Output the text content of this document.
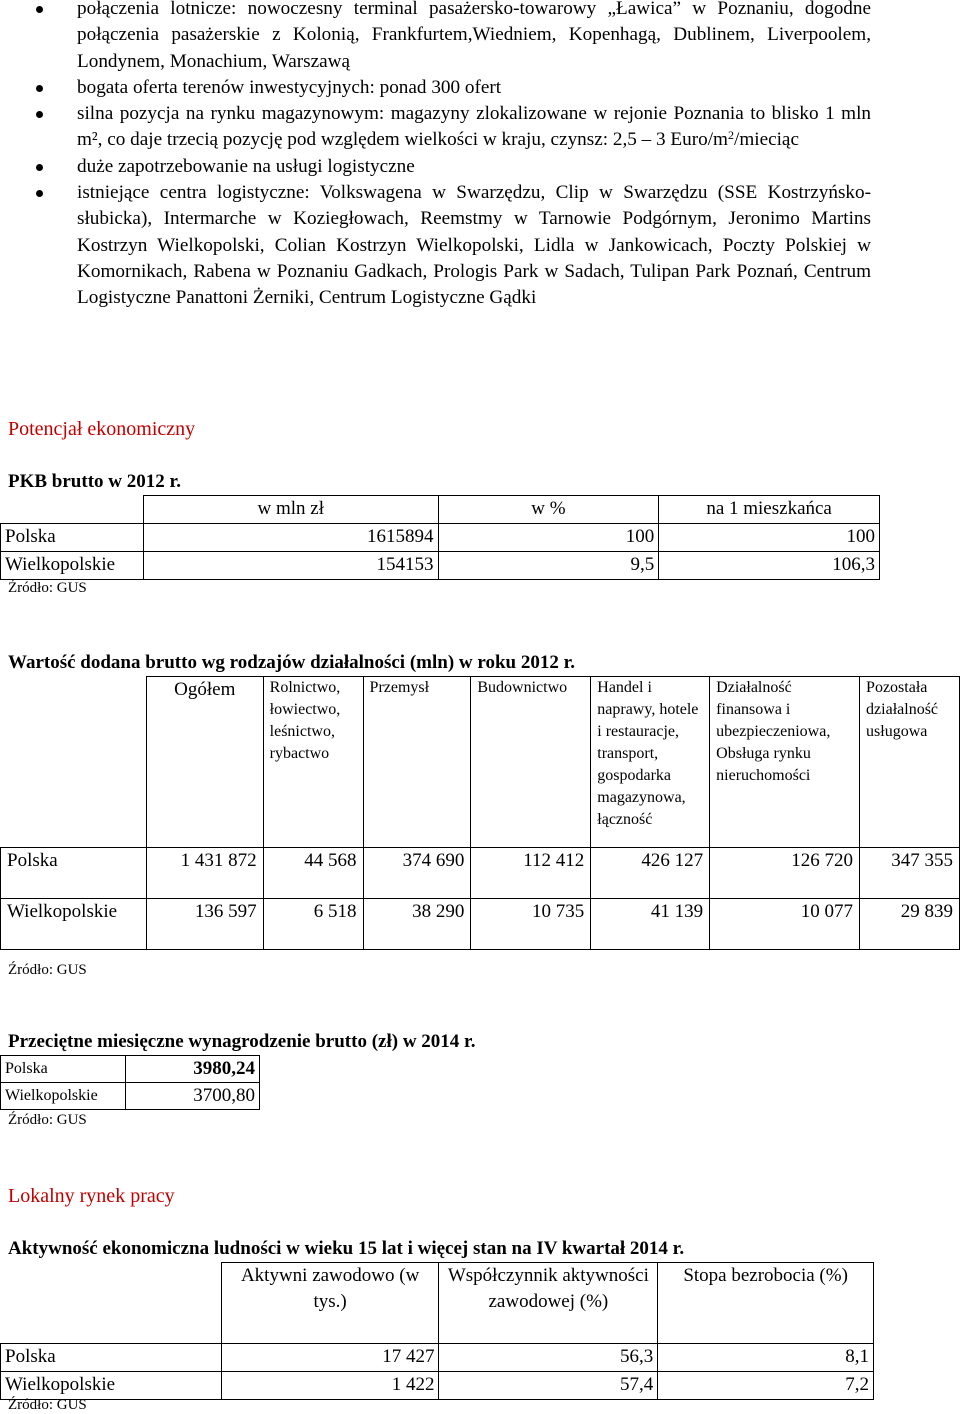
połączenia lotnicze: nowoczesny terminal pasażersko-towarowy „Ławica” w Poznaniu, dogodne połączenia pasażerskie z Kolonią, Frankfurtem,Wiedniem, Kopenhagą, Dublinem, Liverpoolem, Londynem, Monachium, Warszawą
bogata oferta terenów inwestycyjnych: ponad 300 ofert
silna pozycja na rynku magazynowym: magazyny zlokalizowane w rejonie Poznania to blisko 1 mln m², co daje trzecią pozycję pod względem wielkości w kraju, czynsz: 2,5 – 3 Euro/$m^2$/mieciąc
duże zapotrzebowanie na usługi logistyczne
istniejące centra logistyczne: Volkswagena w Swarzędzu, Clip w Swarzędzu (SSE Kostrzyńsko-słubicka), Intermarche w Koziegłowach, Reemstmy w Tarnowie Podgórnym, Jeronimo Martins Kostrzyn Wielkopolski, Colian Kostrzyn Wielkopolski, Lidla w Jankowicach, Poczty Polskiej w Komornikach, Rabena w Poznaniu Gadkach, Prologis Park w Sadach, Tulipan Park Poznań, Centrum Logistyczne Panattoni Żerniki, Centrum Logistyczne Gądki
Potencjał ekonomiczny
PKB brutto w 2012 r.
	w mln zł	w %	na 1 mieszkańca
Polska	1615894	100	100
Wielkopolskie	154153	9,5	106,3
Źródło: GUS
Wartość dodana brutto wg rodzajów działalności (mln) w roku 2012 r.
	Ogółem	Rolnictwo, łowiectwo, leśnictwo, rybactwo	Przemysł	Budownictwo	Handel i naprawy, hotele i restauracje, transport, gospodarka magazynowa, łączność	Działalność finansowa i ubezpieczeniowa, Obsługa rynku nieruchomości	Pozostała działalność usługowa
Polska	1 431 872	44 568	374 690	112 412	426 127	126 720	347 355
Wielkopolskie	136 597	6 518	38 290	10 735	41 139	10 077	29 839
Źródło: GUS
Przeciętne miesięczne wynagrodzenie brutto (zł) w 2014 r.
Polska	3980,24
Wielkopolskie	3700,80
Źródło: GUS
Lokalny rynek pracy
Aktywność ekonomiczna ludności w wieku 15 lat i więcej stan na IV kwartał 2014 r.
	Aktywni zawodowo (w tys.)	Współczynnik aktywności zawodowej (%)	Stopa bezrobocia (%)
Polska	17 427	56,3	8,1
Wielkopolskie	1 422	57,4	7,2
Źródło: GUS
